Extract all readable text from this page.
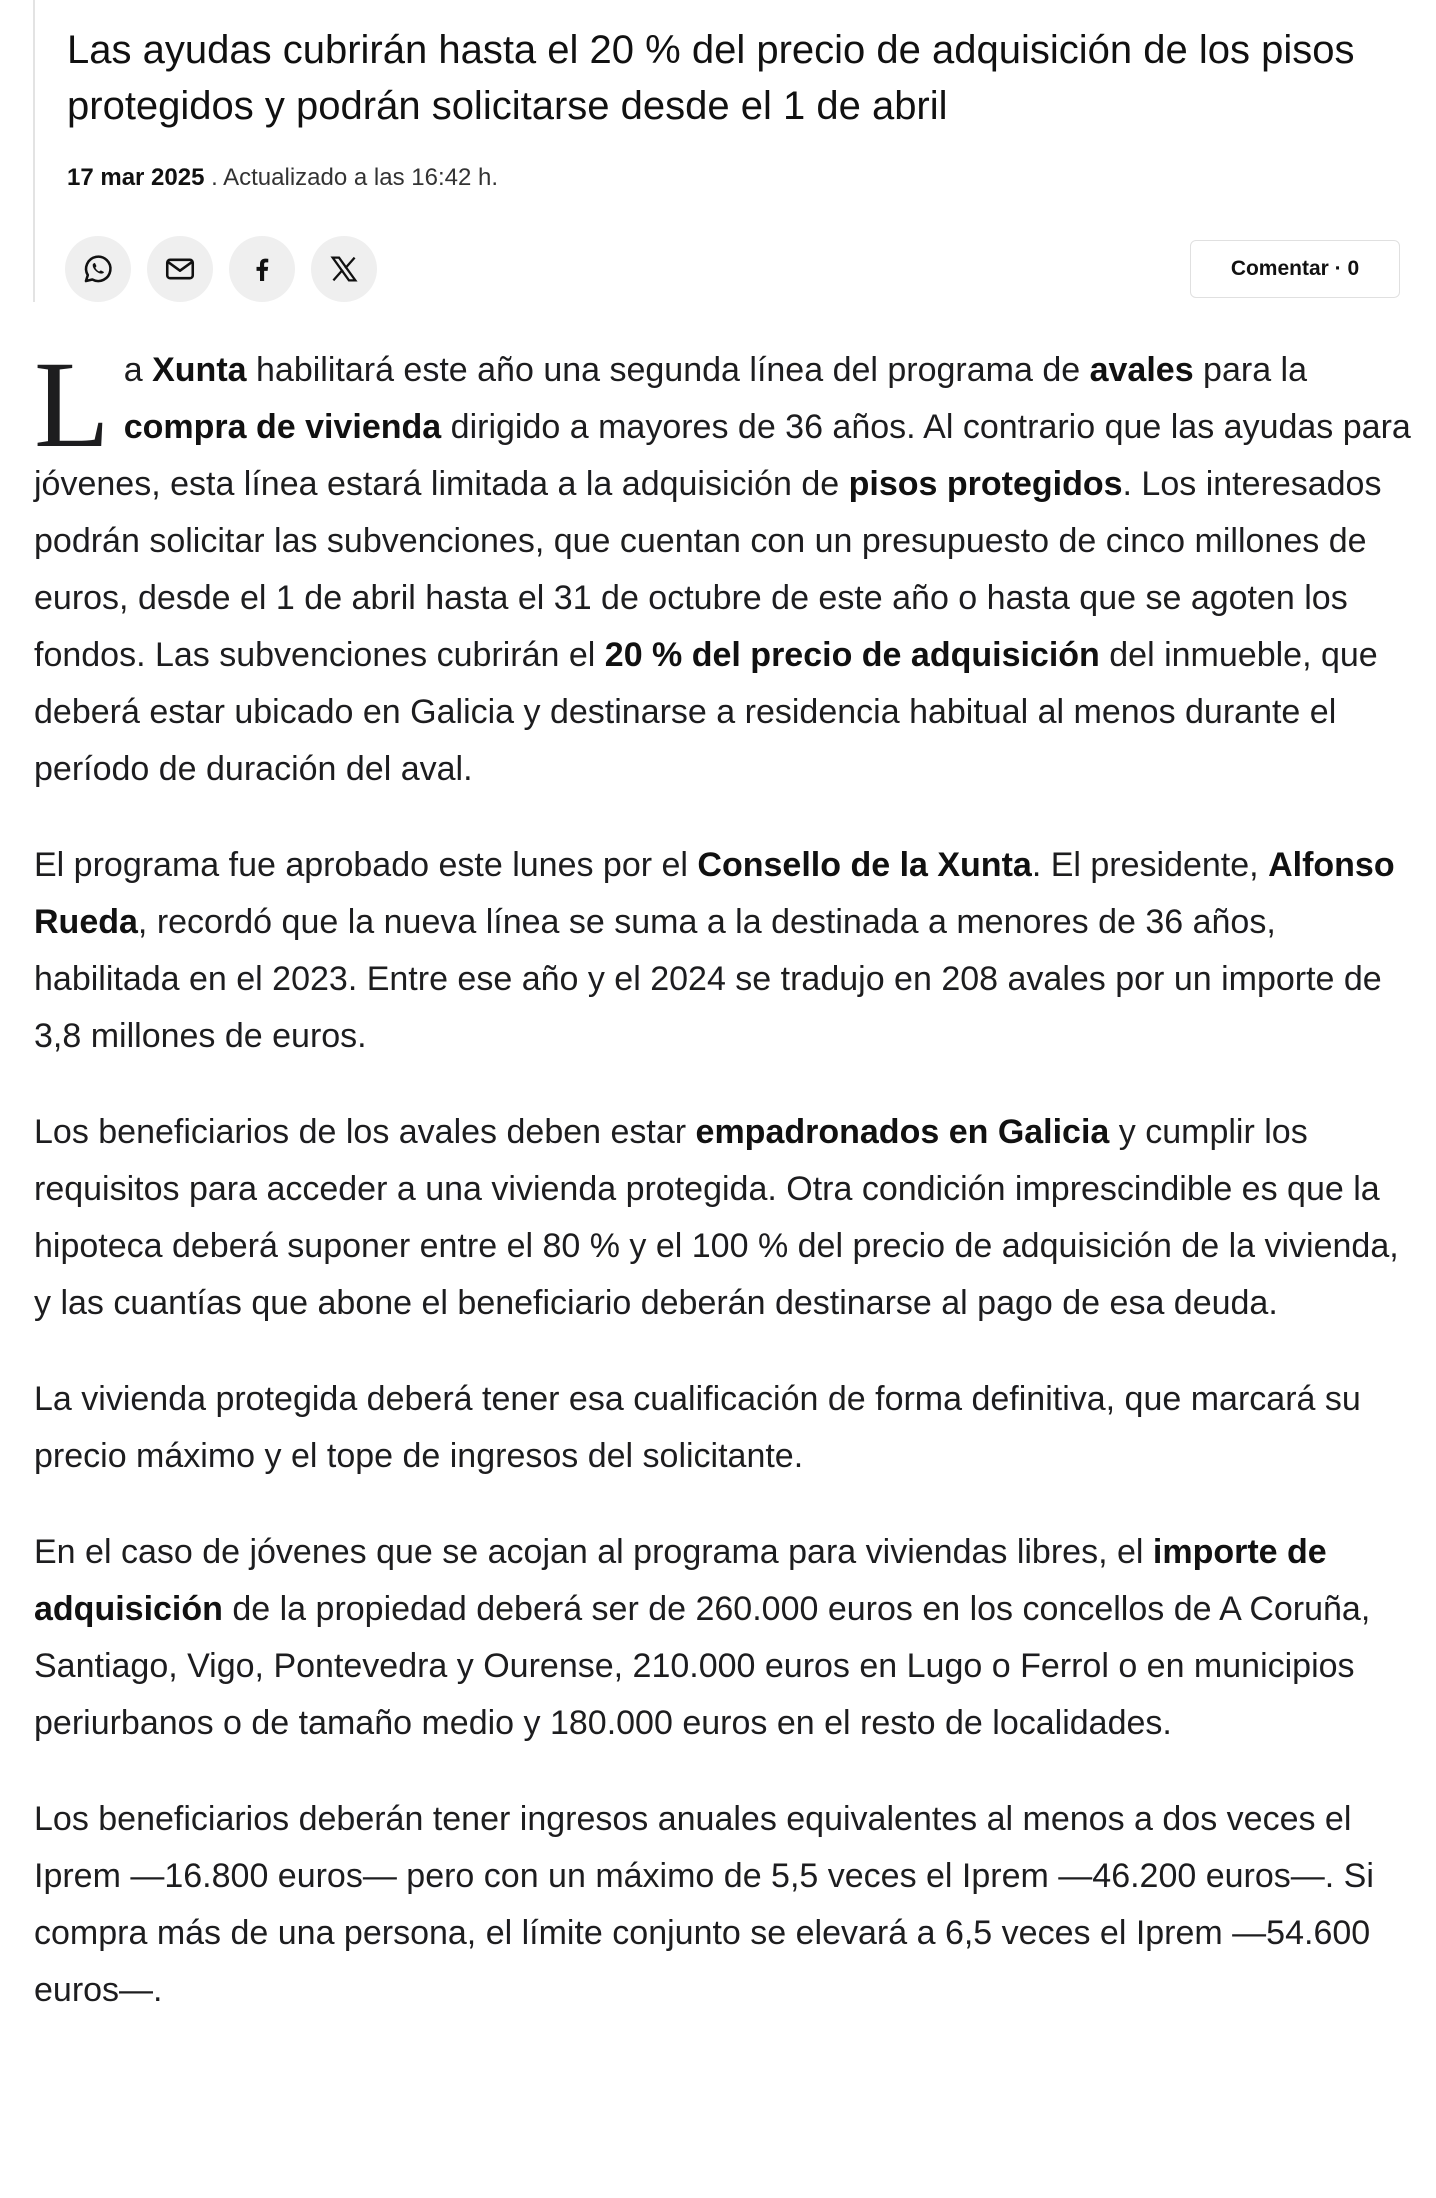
Las ayudas cubrirán hasta el 20 % del precio de adquisición de los pisos protegidos y podrán solicitarse desde el 1 de abril
17 mar 2025 . Actualizado a las 16:42 h.
Comentar · 0

La Xunta habilitará este año una segunda línea del programa de avales para la compra de vivienda dirigido a mayores de 36 años. Al contrario que las ayudas para jóvenes, esta línea estará limitada a la adquisición de pisos protegidos. Los interesados podrán solicitar las subvenciones, que cuentan con un presupuesto de cinco millones de euros, desde el 1 de abril hasta el 31 de octubre de este año o hasta que se agoten los fondos. Las subvenciones cubrirán el 20 % del precio de adquisición del inmueble, que deberá estar ubicado en Galicia y destinarse a residencia habitual al menos durante el período de duración del aval.

El programa fue aprobado este lunes por el Consello de la Xunta. El presidente, Alfonso Rueda, recordó que la nueva línea se suma a la destinada a menores de 36 años, habilitada en el 2023. Entre ese año y el 2024 se tradujo en 208 avales por un importe de 3,8 millones de euros.

Los beneficiarios de los avales deben estar empadronados en Galicia y cumplir los requisitos para acceder a una vivienda protegida. Otra condición imprescindible es que la hipoteca deberá suponer entre el 80 % y el 100 % del precio de adquisición de la vivienda, y las cuantías que abone el beneficiario deberán destinarse al pago de esa deuda.

La vivienda protegida deberá tener esa cualificación de forma definitiva, que marcará su precio máximo y el tope de ingresos del solicitante.

En el caso de jóvenes que se acojan al programa para viviendas libres, el importe de adquisición de la propiedad deberá ser de 260.000 euros en los concellos de A Coruña, Santiago, Vigo, Pontevedra y Ourense, 210.000 euros en Lugo o Ferrol o en municipios periurbanos o de tamaño medio y 180.000 euros en el resto de localidades.

Los beneficiarios deberán tener ingresos anuales equivalentes al menos a dos veces el Iprem —16.800 euros— pero con un máximo de 5,5 veces el Iprem —46.200 euros—. Si compra más de una persona, el límite conjunto se elevará a 6,5 veces el Iprem —54.600 euros—.
